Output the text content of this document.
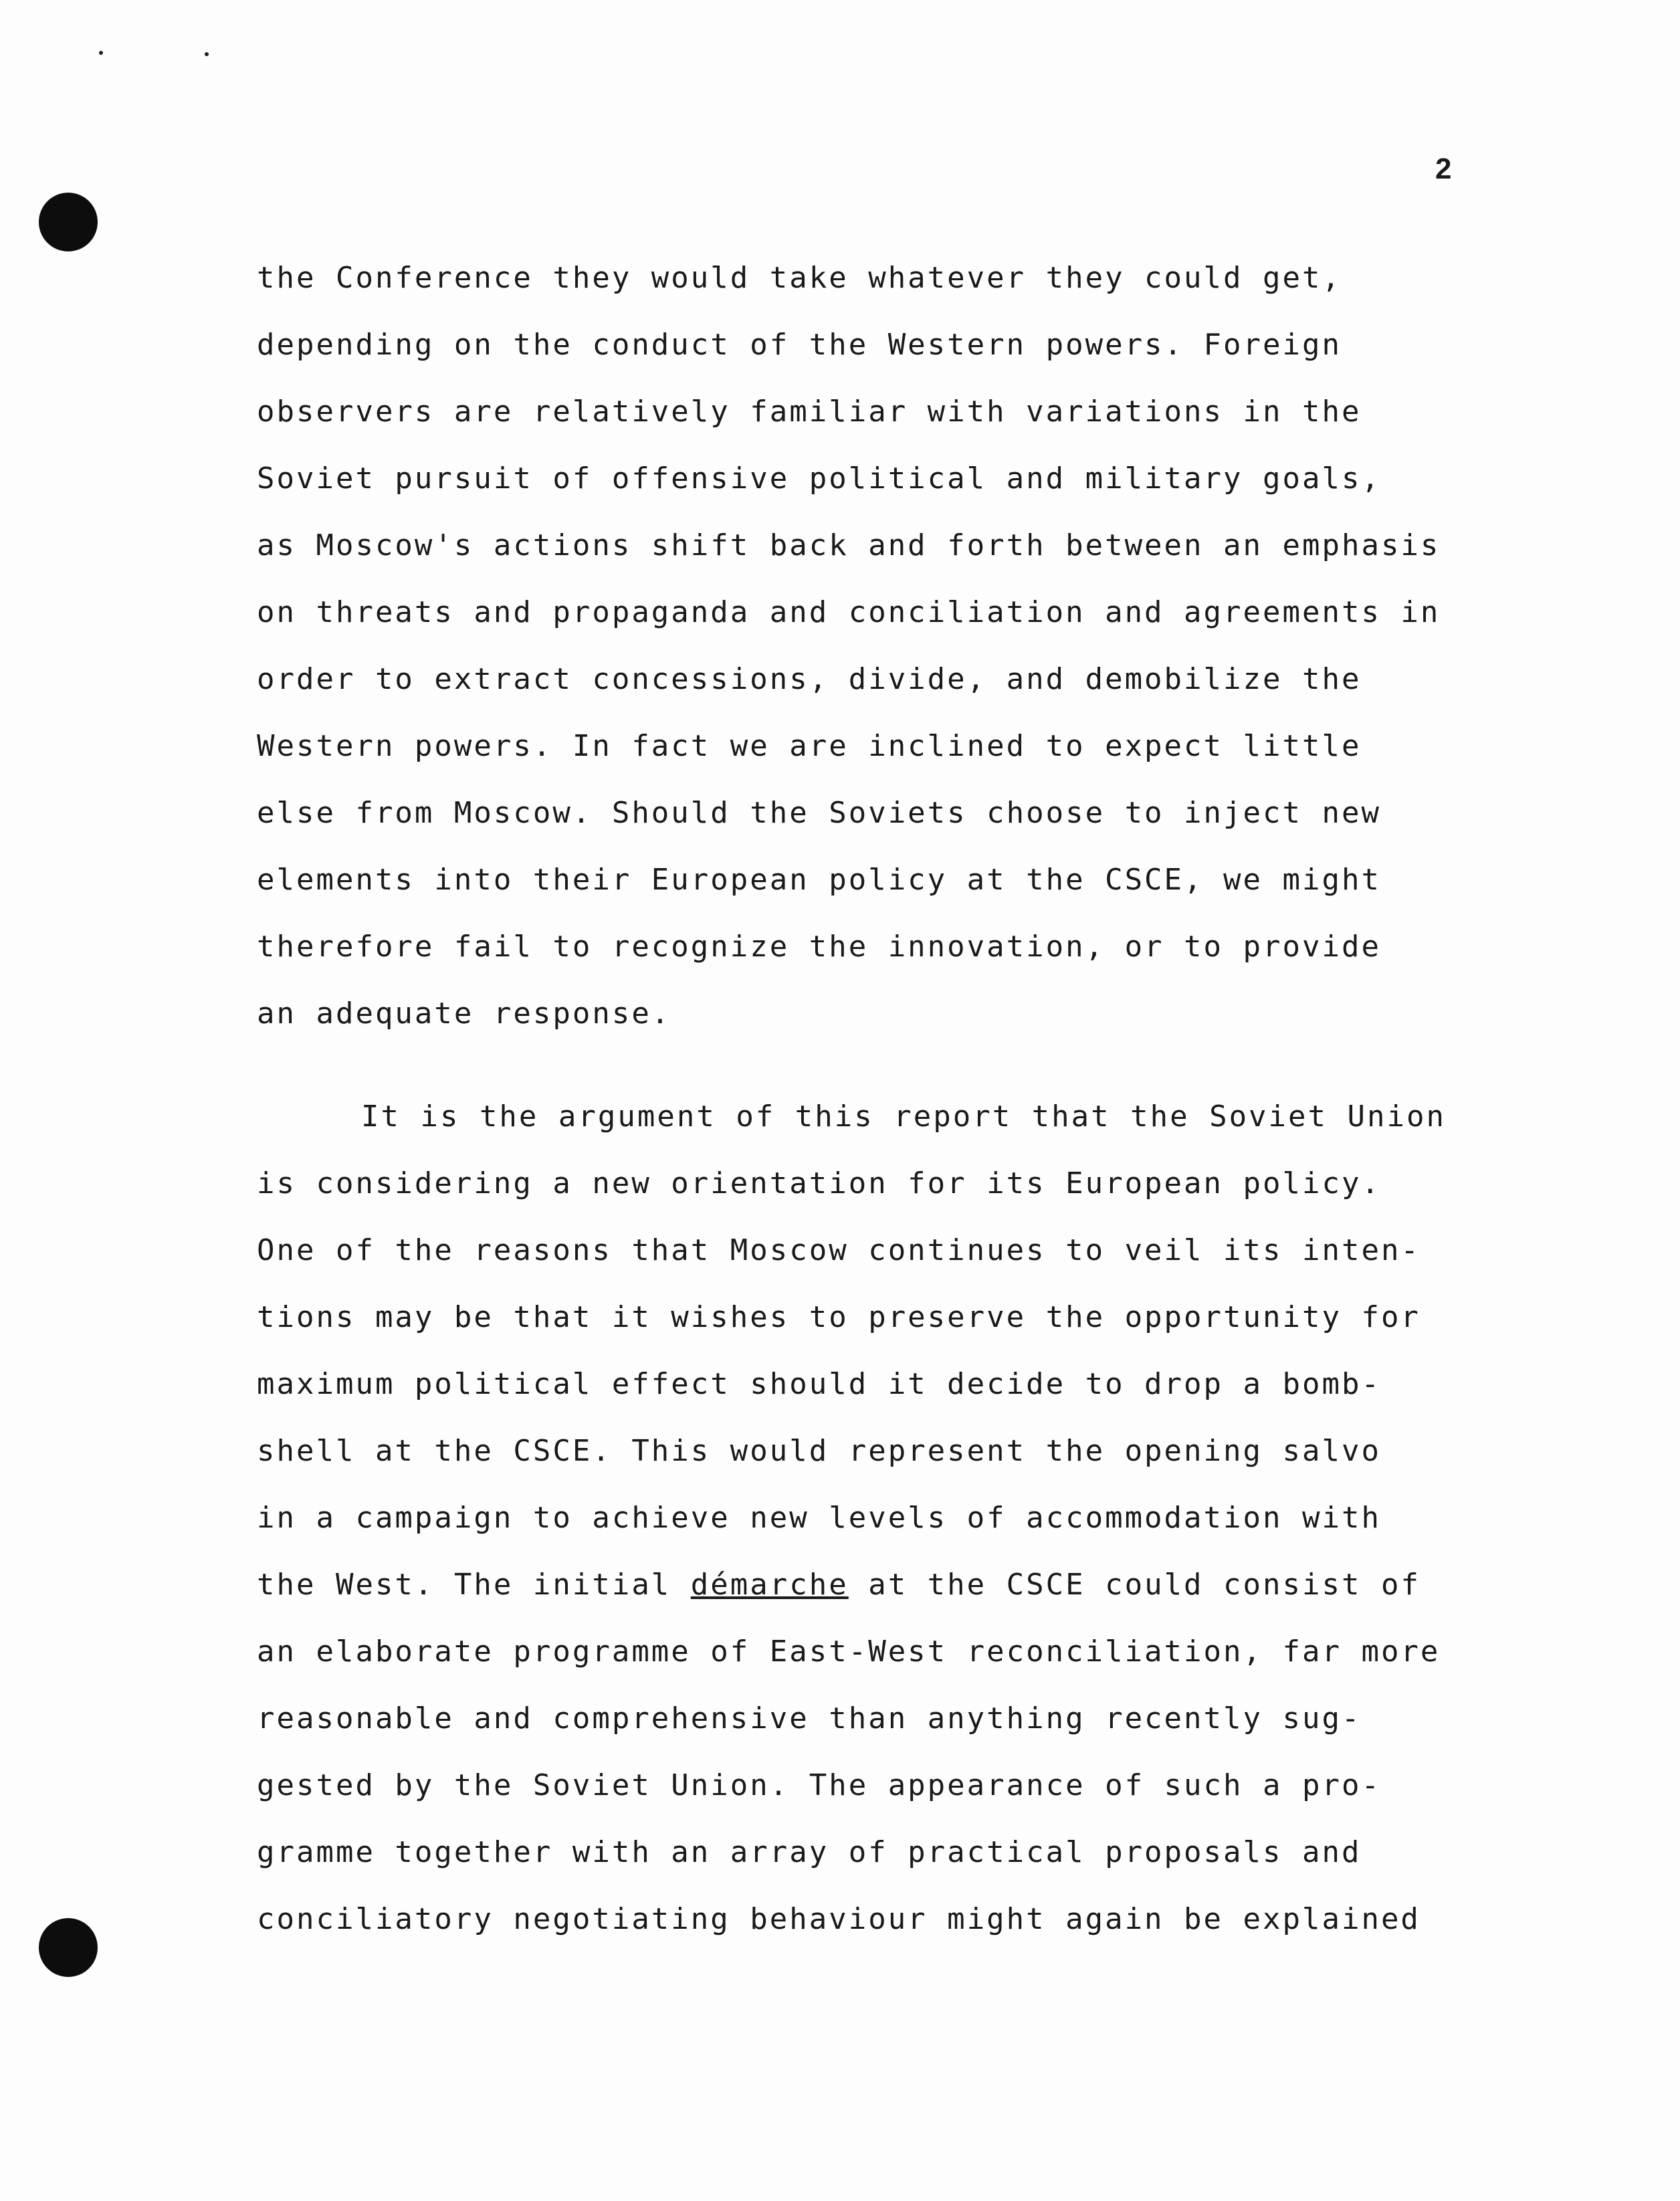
2
the Conference they would take whatever they could get,
depending on the conduct of the Western powers. Foreign
observers are relatively familiar with variations in the
Soviet pursuit of offensive political and military goals,
as Moscow's actions shift back and forth between an emphasis
on threats and propaganda and conciliation and agreements in
order to extract concessions, divide, and demobilize the
Western powers. In fact we are inclined to expect little
else from Moscow. Should the Soviets choose to inject new
elements into their European policy at the CSCE, we might
therefore fail to recognize the innovation, or to provide
an adequate response.
It is the argument of this report that the Soviet Union
is considering a new orientation for its European policy.
One of the reasons that Moscow continues to veil its inten-
tions may be that it wishes to preserve the opportunity for
maximum political effect should it decide to drop a bomb-
shell at the CSCE. This would represent the opening salvo
in a campaign to achieve new levels of accommodation with
the West. The initial démarche at the CSCE could consist of
an elaborate programme of East-West reconciliation, far more
reasonable and comprehensive than anything recently sug-
gested by the Soviet Union. The appearance of such a pro-
gramme together with an array of practical proposals and
conciliatory negotiating behaviour might again be explained
